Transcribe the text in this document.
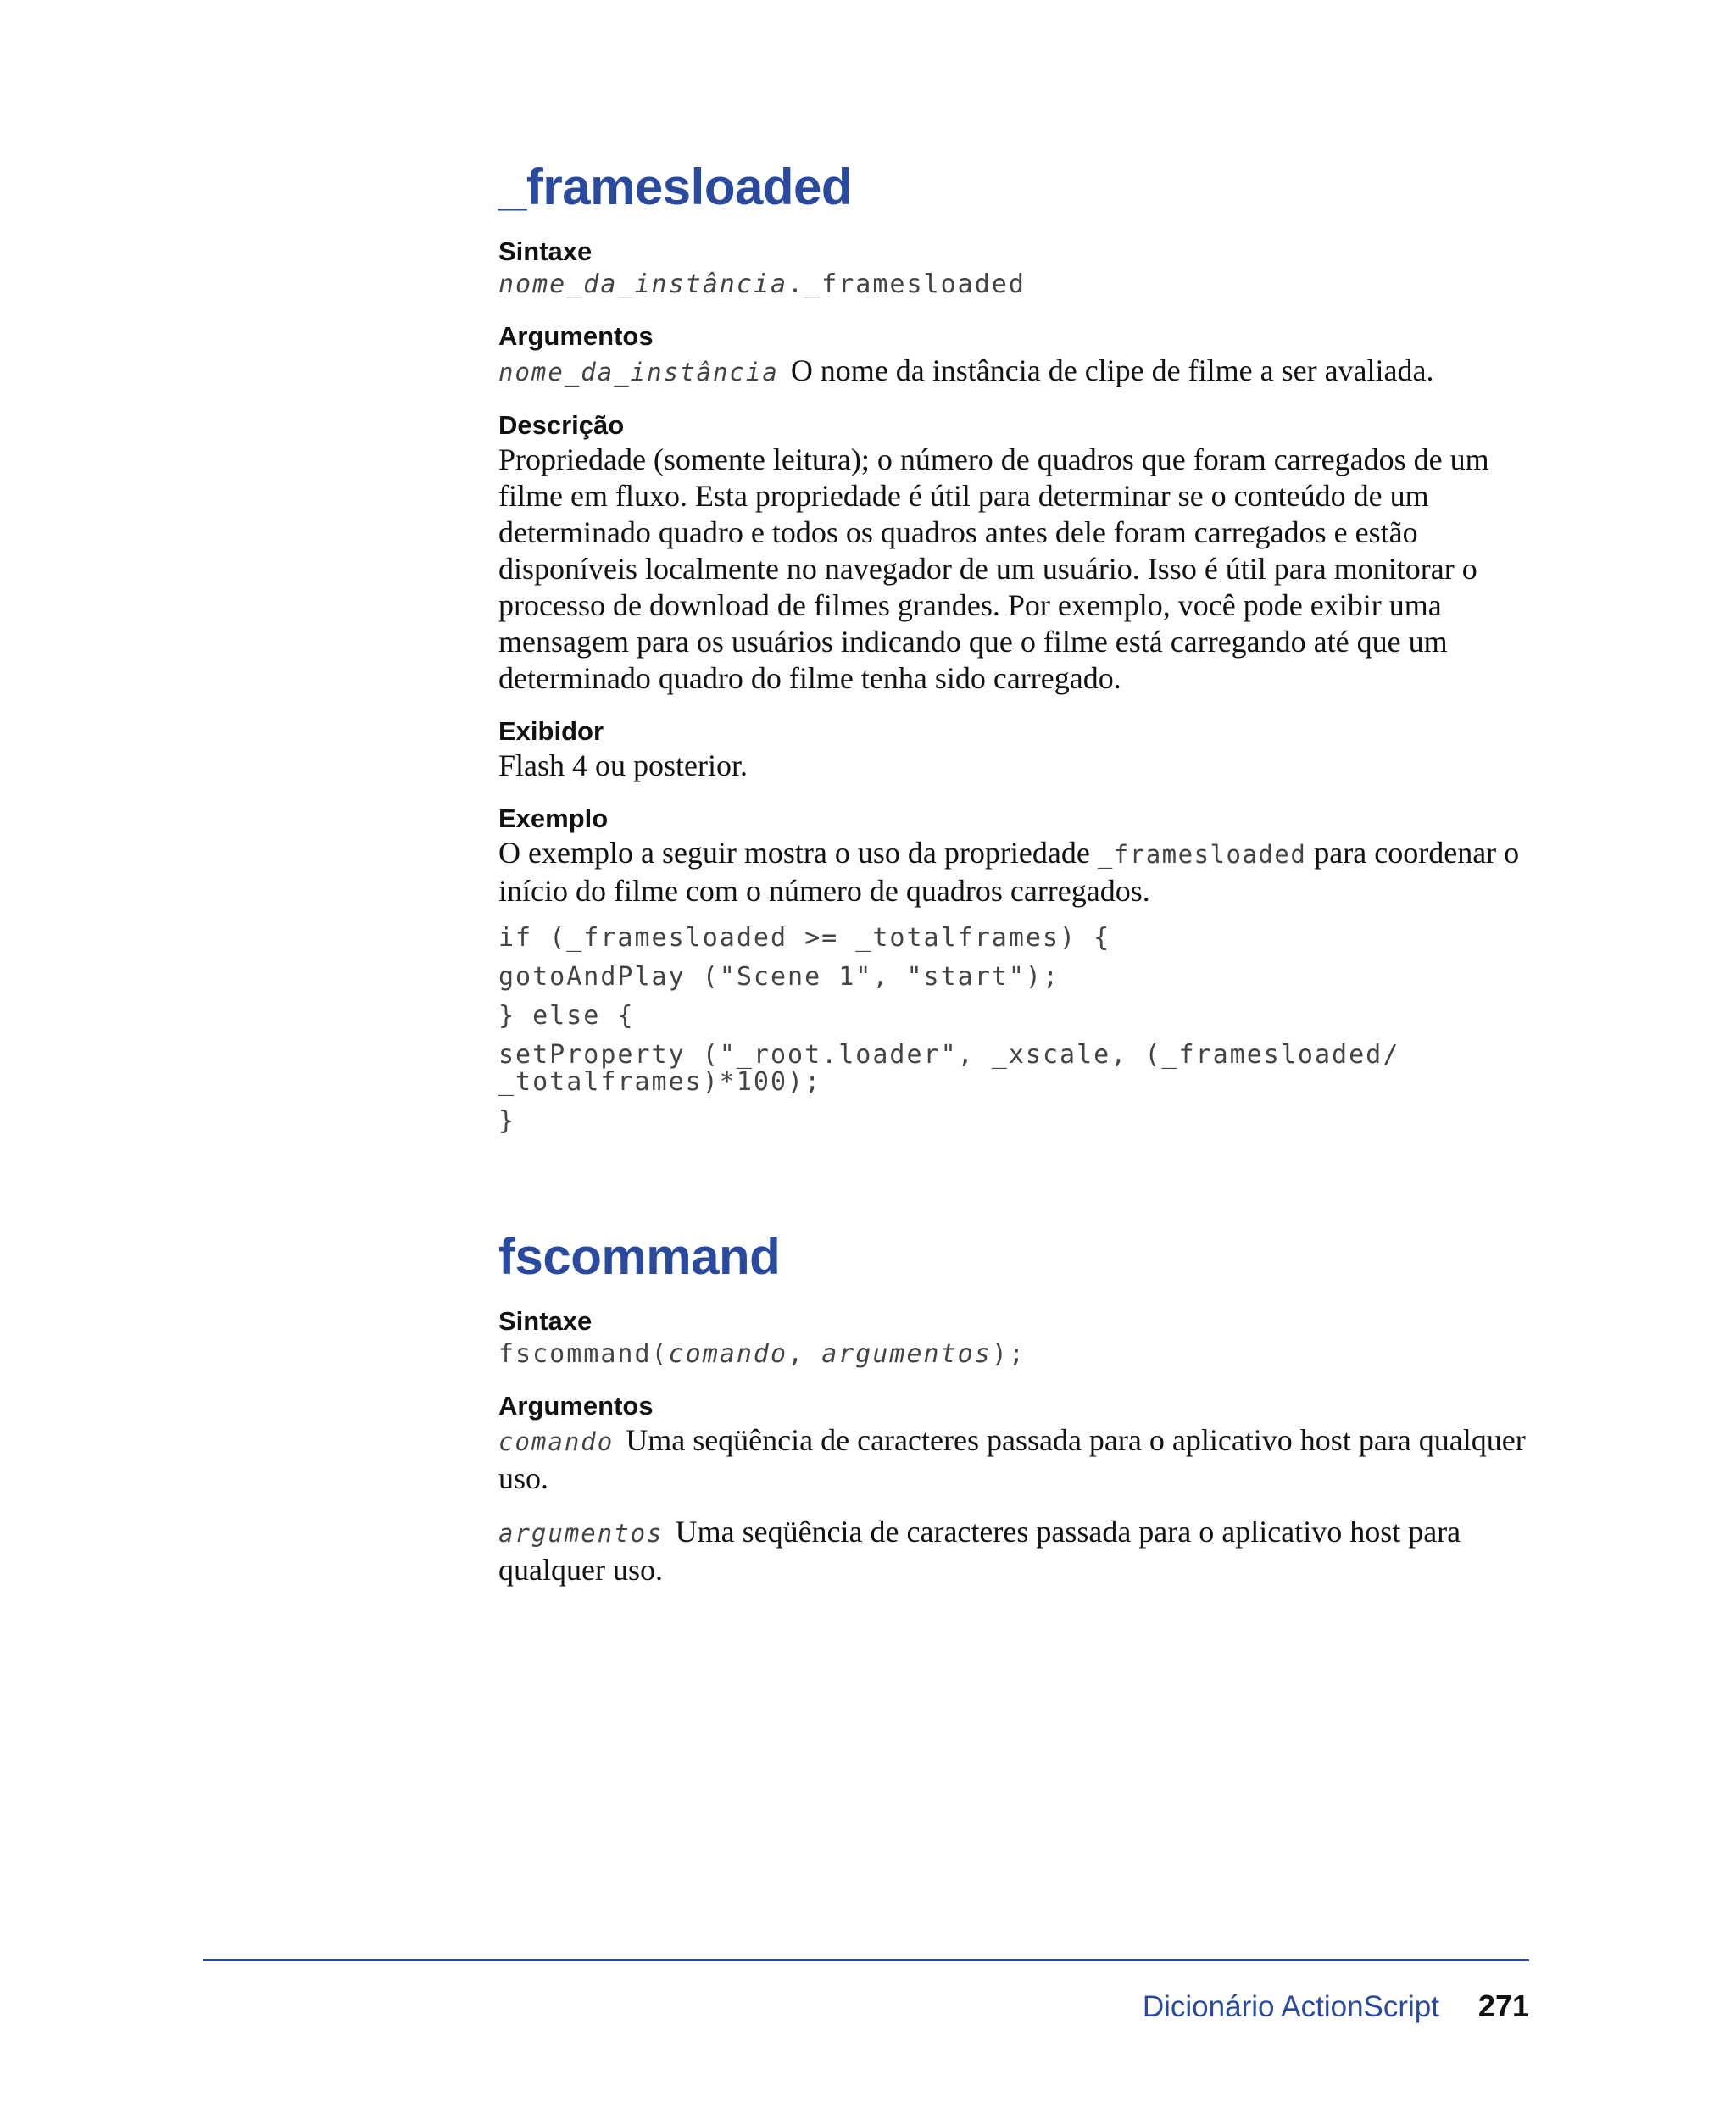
_framesloaded
Sintaxe
nome_da_instância._framesloaded
Argumentos
nome_da_instância O nome da instância de clipe de filme a ser avaliada.
Descrição
Propriedade (somente leitura); o número de quadros que foram carregados de um filme em fluxo. Esta propriedade é útil para determinar se o conteúdo de um determinado quadro e todos os quadros antes dele foram carregados e estão disponíveis localmente no navegador de um usuário. Isso é útil para monitorar o processo de download de filmes grandes. Por exemplo, você pode exibir uma mensagem para os usuários indicando que o filme está carregando até que um determinado quadro do filme tenha sido carregado.
Exibidor
Flash 4 ou posterior.
Exemplo
O exemplo a seguir mostra o uso da propriedade _framesloaded para coordenar o início do filme com o número de quadros carregados.
if (_framesloaded >= _totalframes) {
gotoAndPlay ("Scene 1", "start");
} else {
setProperty ("_root.loader", _xscale, (_framesloaded/
_totalframes)*100);
}
fscommand
Sintaxe
fscommand(comando, argumentos);
Argumentos
comando Uma seqüência de caracteres passada para o aplicativo host para qualquer uso.
argumentos Uma seqüência de caracteres passada para o aplicativo host para qualquer uso.
Dicionário ActionScript 271
